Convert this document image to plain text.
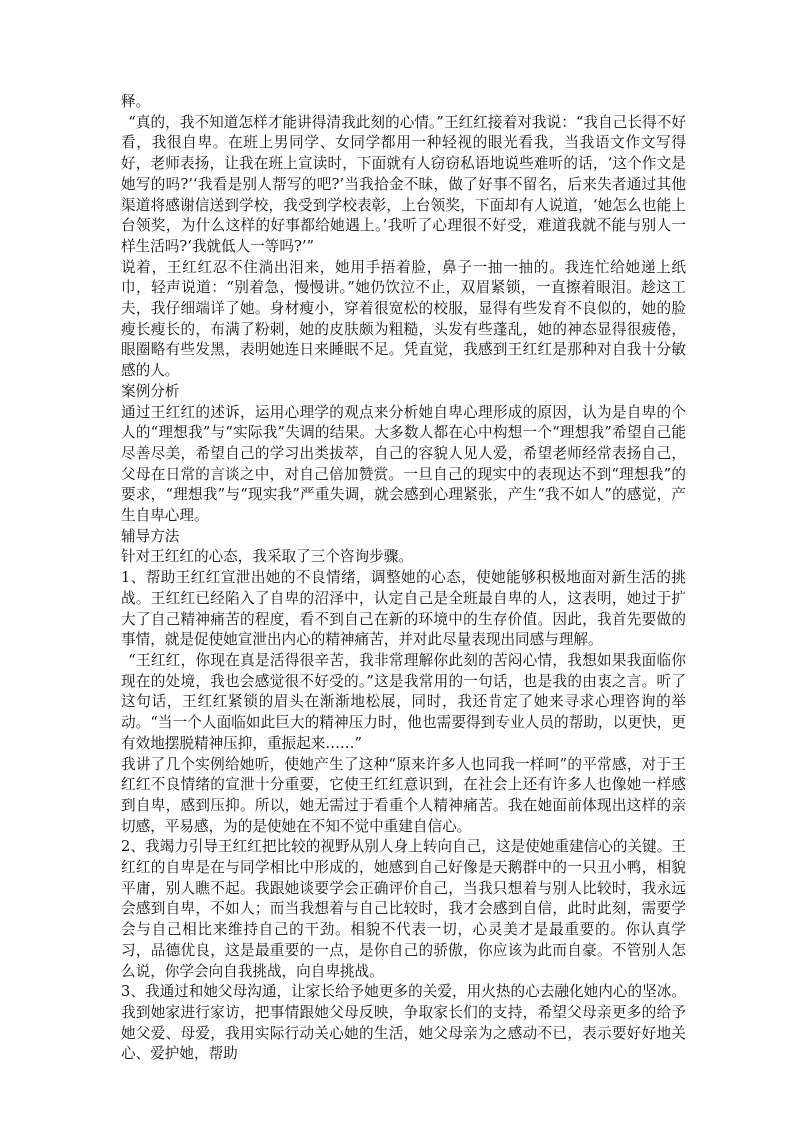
释。

“真的，我不知道怎样才能讲得清我此刻的心情。”王红红接着对我说：“我自己长得不好看，我很自卑。在班上男同学、女同学都用一种轻视的眼光看我，当我语文作文写得好，老师表扬，让我在班上宣读时，下面就有人窃窃私语地说些难听的话，‘这个作文是她写的吗?’‘我看是别人帮写的吧?’当我拾金不昧，做了好事不留名，后来失者通过其他渠道将感谢信送到学校，我受到学校表彰，上台领奖，下面却有人说道，‘她怎么也能上台领奖，为什么这样的好事都给她遇上。’我听了心理很不好受，难道我就不能与别人一样生活吗?‘我就低人一等吗?’”

说着，王红红忍不住淌出泪来，她用手捂着脸，鼻子一抽一抽的。我连忙给她递上纸巾，轻声说道：“别着急，慢慢讲。”她仍饮泣不止，双眉紧锁，一直擦着眼泪。趁这工夫，我仔细端详了她。身材瘦小，穿着很宽松的校服，显得有些发育不良似的，她的脸瘦长瘦长的，布满了粉刺，她的皮肤颇为粗糙，头发有些蓬乱，她的神态显得很疲倦，眼圈略有些发黑，表明她连日来睡眠不足。凭直觉，我感到王红红是那种对自我十分敏感的人。

案例分析

通过王红红的述诉，运用心理学的观点来分析她自卑心理形成的原因，认为是自卑的个人的“理想我”与“实际我”失调的结果。大多数人都在心中构想一个“理想我”希望自己能尽善尽美，希望自己的学习出类拔萃，自己的容貌人见人爱，希望老师经常表扬自己，父母在日常的言谈之中，对自己倍加赞赏。一旦自己的现实中的表现达不到“理想我”的要求，“理想我”与“现实我”严重失调，就会感到心理紧张，产生“我不如人”的感觉，产生自卑心理。

辅导方法

针对王红红的心态，我采取了三个咨询步骤。

1、帮助王红红宣泄出她的不良情绪，调整她的心态，使她能够积极地面对新生活的挑战。王红红已经陷入了自卑的沼泽中，认定自己是全班最自卑的人，这表明，她过于扩大了自己精神痛苦的程度，看不到自己在新的环境中的生存价值。因此，我首先要做的事情，就是促使她宣泄出内心的精神痛苦，并对此尽量表现出同感与理解。

“王红红，你现在真是活得很辛苦，我非常理解你此刻的苦闷心情，我想如果我面临你现在的处境，我也会感觉很不好受的。”这是我常用的一句话，也是我的由衷之言。听了这句话，王红红紧锁的眉头在渐渐地松展，同时，我还肯定了她来寻求心理咨询的举动。“当一个人面临如此巨大的精神压力时，他也需要得到专业人员的帮助，以更快，更有效地摆脱精神压抑，重振起来……”

我讲了几个实例给她听，使她产生了这种“原来许多人也同我一样呵”的平常感，对于王红红不良情绪的宣泄十分重要，它使王红红意识到，在社会上还有许多人也像她一样感到自卑，感到压抑。所以，她无需过于看重个人精神痛苦。我在她面前体现出这样的亲切感，平易感，为的是使她在不知不觉中重建自信心。

2、我竭力引导王红红把比较的视野从别人身上转向自己，这是使她重建信心的关键。王红红的自卑是在与同学相比中形成的，她感到自己好像是天鹅群中的一只丑小鸭，相貌平庸，别人瞧不起。我跟她谈要学会正确评价自己，当我只想着与别人比较时，我永远会感到自卑，不如人；而当我想着与自己比较时，我才会感到自信，此时此刻，需要学会与自己相比来维持自己的干劲。相貌不代表一切，心灵美才是最重要的。你认真学习，品德优良，这是最重要的一点，是你自己的骄傲，你应该为此而自豪。不管别人怎么说，你学会向自我挑战，向自卑挑战。

3、我通过和她父母沟通，让家长给予她更多的关爱，用火热的心去融化她内心的坚冰。我到她家进行家访，把事情跟她父母反映，争取家长们的支持，希望父母亲更多的给予她父爱、母爱，我用实际行动关心她的生活，她父母亲为之感动不已，表示要好好地关心、爱护她，帮助
